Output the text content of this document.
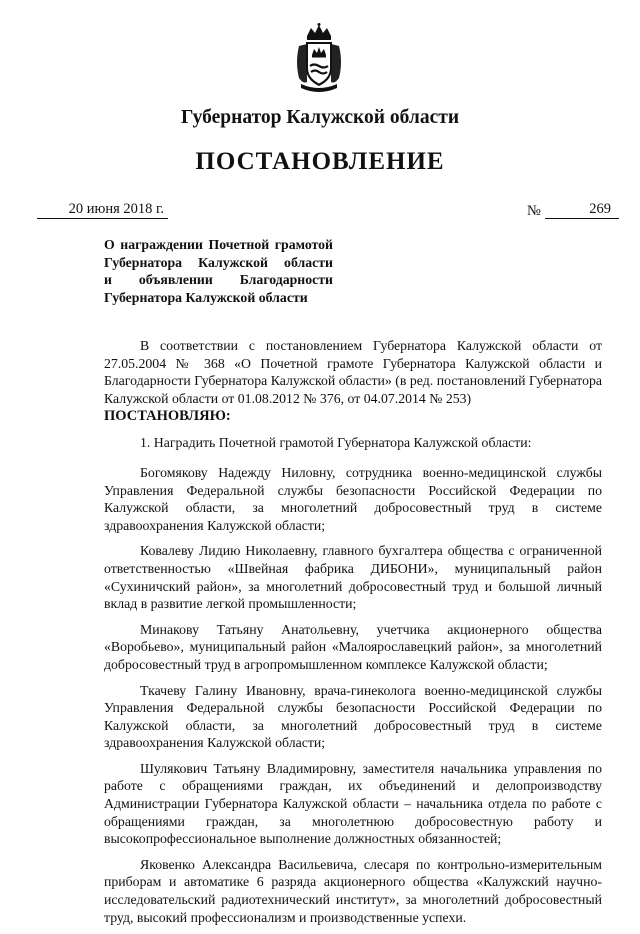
Губернатор Калужской области
ПОСТАНОВЛЕНИЕ
20 июня 2018 г.	№	269
О награждении Почетной грамотой
Губернатора Калужской области
и объявлении Благодарности
Губернатора Калужской области

В соответствии с постановлением Губернатора Калужской области от 27.05.2004 № 368 «О Почетной грамоте Губернатора Калужской области и Благодарности Губернатора Калужской области» (в ред. постановлений Губернатора Калужской области от 01.08.2012 № 376, от 04.07.2014 № 253)

ПОСТАНОВЛЯЮ:

1. Наградить Почетной грамотой Губернатора Калужской области:

Богомякову Надежду Ниловну, сотрудника военно-медицинской службы Управления Федеральной службы безопасности Российской Федерации по Калужской области, за многолетний добросовестный труд в системе здравоохранения Калужской области;

Ковалеву Лидию Николаевну, главного бухгалтера общества с ограниченной ответственностью «Швейная фабрика ДИБОНИ», муниципальный район «Сухиничский район», за многолетний добросовестный труд и большой личный вклад в развитие легкой промышленности;

Минакову Татьяну Анатольевну, учетчика акционерного общества «Воробьево», муниципальный район «Малоярославецкий район», за многолетний добросовестный труд в агропромышленном комплексе Калужской области;

Ткачеву Галину Ивановну, врача-гинеколога военно-медицинской службы Управления Федеральной службы безопасности Российской Федерации по Калужской области, за многолетний добросовестный труд в системе здравоохранения Калужской области;

Шулякович Татьяну Владимировну, заместителя начальника управления по работе с обращениями граждан, их объединений и делопроизводству Администрации Губернатора Калужской области – начальника отдела по работе с обращениями граждан, за многолетнюю добросовестную работу и высокопрофессиональное выполнение должностных обязанностей;

Яковенко Александра Васильевича, слесаря по контрольно-измерительным приборам и автоматике 6 разряда акционерного общества «Калужский научно-исследовательский радиотехнический институт», за многолетний добросовестный труд, высокий профессионализм и производственные успехи.
